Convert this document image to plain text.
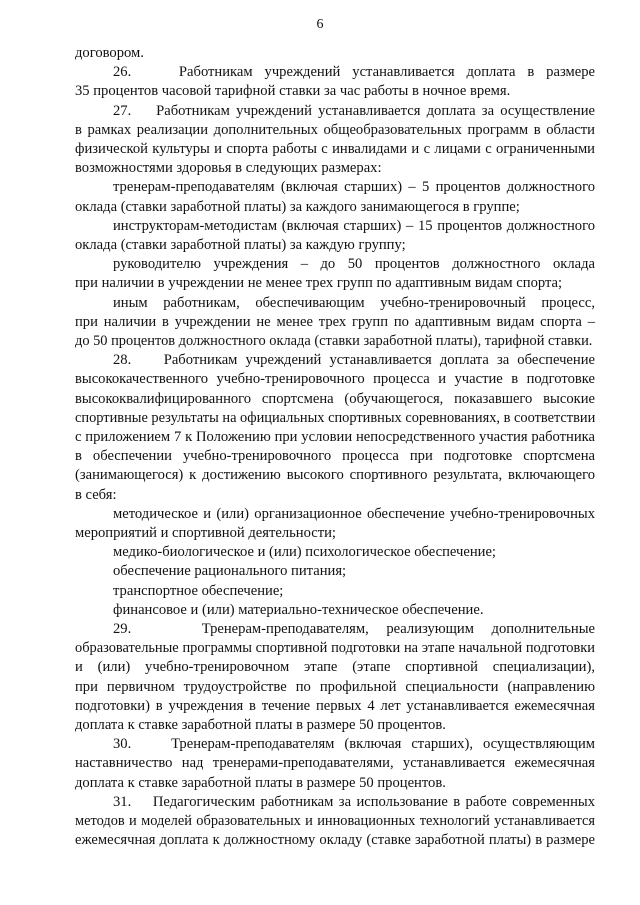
6
договором.
26.    Работникам учреждений устанавливается доплата в размере
35 процентов часовой тарифной ставки за час работы в ночное время.
27.    Работникам учреждений устанавливается доплата за осуществление
в рамках реализации дополнительных общеобразовательных программ в области
физической культуры и спорта работы с инвалидами и с лицами с ограниченными
возможностями здоровья в следующих размерах:
тренерам-преподавателям (включая старших) – 5 процентов должностного
оклада (ставки заработной платы) за каждого занимающегося в группе;
инструкторам-методистам (включая старших) – 15 процентов должностного
оклада (ставки заработной платы) за каждую группу;
руководителю учреждения – до 50 процентов должностного оклада
при наличии в учреждении не менее трех групп по адаптивным видам спорта;
иным работникам, обеспечивающим учебно-тренировочный процесс,
при наличии в учреждении не менее трех групп по адаптивным видам спорта –
до 50 процентов должностного оклада (ставки заработной платы), тарифной ставки.
28.    Работникам учреждений устанавливается доплата за обеспечение
высококачественного учебно-тренировочного процесса и участие в подготовке
высококвалифицированного спортсмена (обучающегося, показавшего высокие
спортивные результаты на официальных спортивных соревнованиях, в соответствии
с приложением 7 к Положению при условии непосредственного участия работника
в обеспечении учебно-тренировочного процесса при подготовке спортсмена
(занимающегося) к достижению высокого спортивного результата, включающего
в себя:
методическое и (или) организационное обеспечение учебно-тренировочных
мероприятий и спортивной деятельности;
медико-биологическое и (или) психологическое обеспечение;
обеспечение рационального питания;
транспортное обеспечение;
финансовое и (или) материально-техническое обеспечение.
29.    Тренерам-преподавателям, реализующим дополнительные
образовательные программы спортивной подготовки на этапе начальной подготовки
и (или) учебно-тренировочном этапе (этапе спортивной специализации),
при первичном трудоустройстве по профильной специальности (направлению
подготовки) в учреждения в течение первых 4 лет устанавливается ежемесячная
доплата к ставке заработной платы в размере 50 процентов.
30.    Тренерам-преподавателям (включая старших), осуществляющим
наставничество над тренерами-преподавателями, устанавливается ежемесячная
доплата к ставке заработной платы в размере 50 процентов.
31.    Педагогическим работникам за использование в работе современных
методов и моделей образовательных и инновационных технологий устанавливается
ежемесячная доплата к должностному окладу (ставке заработной платы) в размере
